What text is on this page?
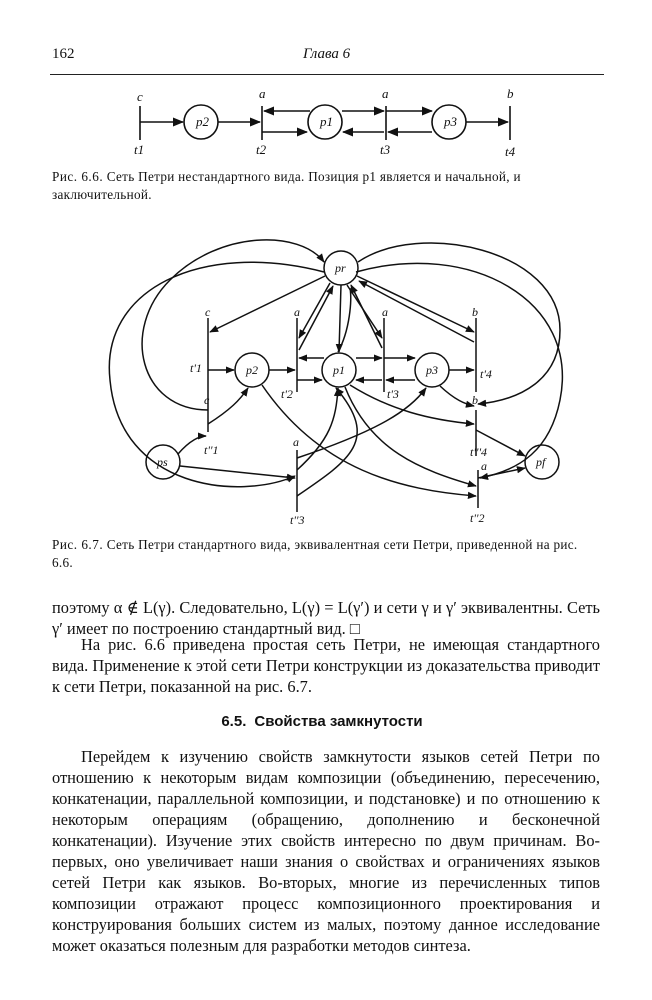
162	Глава 6
p2	p1	p3
t1	t2	t3	t4
c	a	a	b
Рис. 6.6. Сеть Петри нестандартного вида. Позиция p1 является и начальной, и заключительной.
pr
p2	p1	p3
ps	pf
t'1
t'2	t'3
t'4
t''1
t''3
t'''4
t''2
c	a	a	b
c	b
a
a
Рис. 6.7. Сеть Петри стандартного вида, эквивалентная сети Петри, приведенной на рис. 6.6.

поэтому α ∉ L(γ). Следовательно, L(γ) = L(γ′) и сети γ и γ′ эквивалентны. Сеть γ′ имеет по построению стандартный вид. □

На рис. 6.6 приведена простая сеть Петри, не имеющая стандартного вида. Применение к этой сети Петри конструкции из доказательства приводит к сети Петри, показанной на рис. 6.7.

6.5. Свойства замкнутости

Перейдем к изучению свойств замкнутости языков сетей Петри по отношению к некоторым видам композиции (объединению, пересечению, конкатенации, параллельной композиции, и подстановке) и по отношению к некоторым операциям (обращению, дополнению и бесконечной конкатенации). Изучение этих свойств интересно по двум причинам. Во-первых, оно увеличивает наши знания о свойствах и ограничениях языков сетей Петри как языков. Во-вторых, многие из перечисленных типов композиции отражают процесс композиционного проектирования и конструирования больших систем из малых, поэтому данное исследование может оказаться полезным для разработки методов синтеза.
